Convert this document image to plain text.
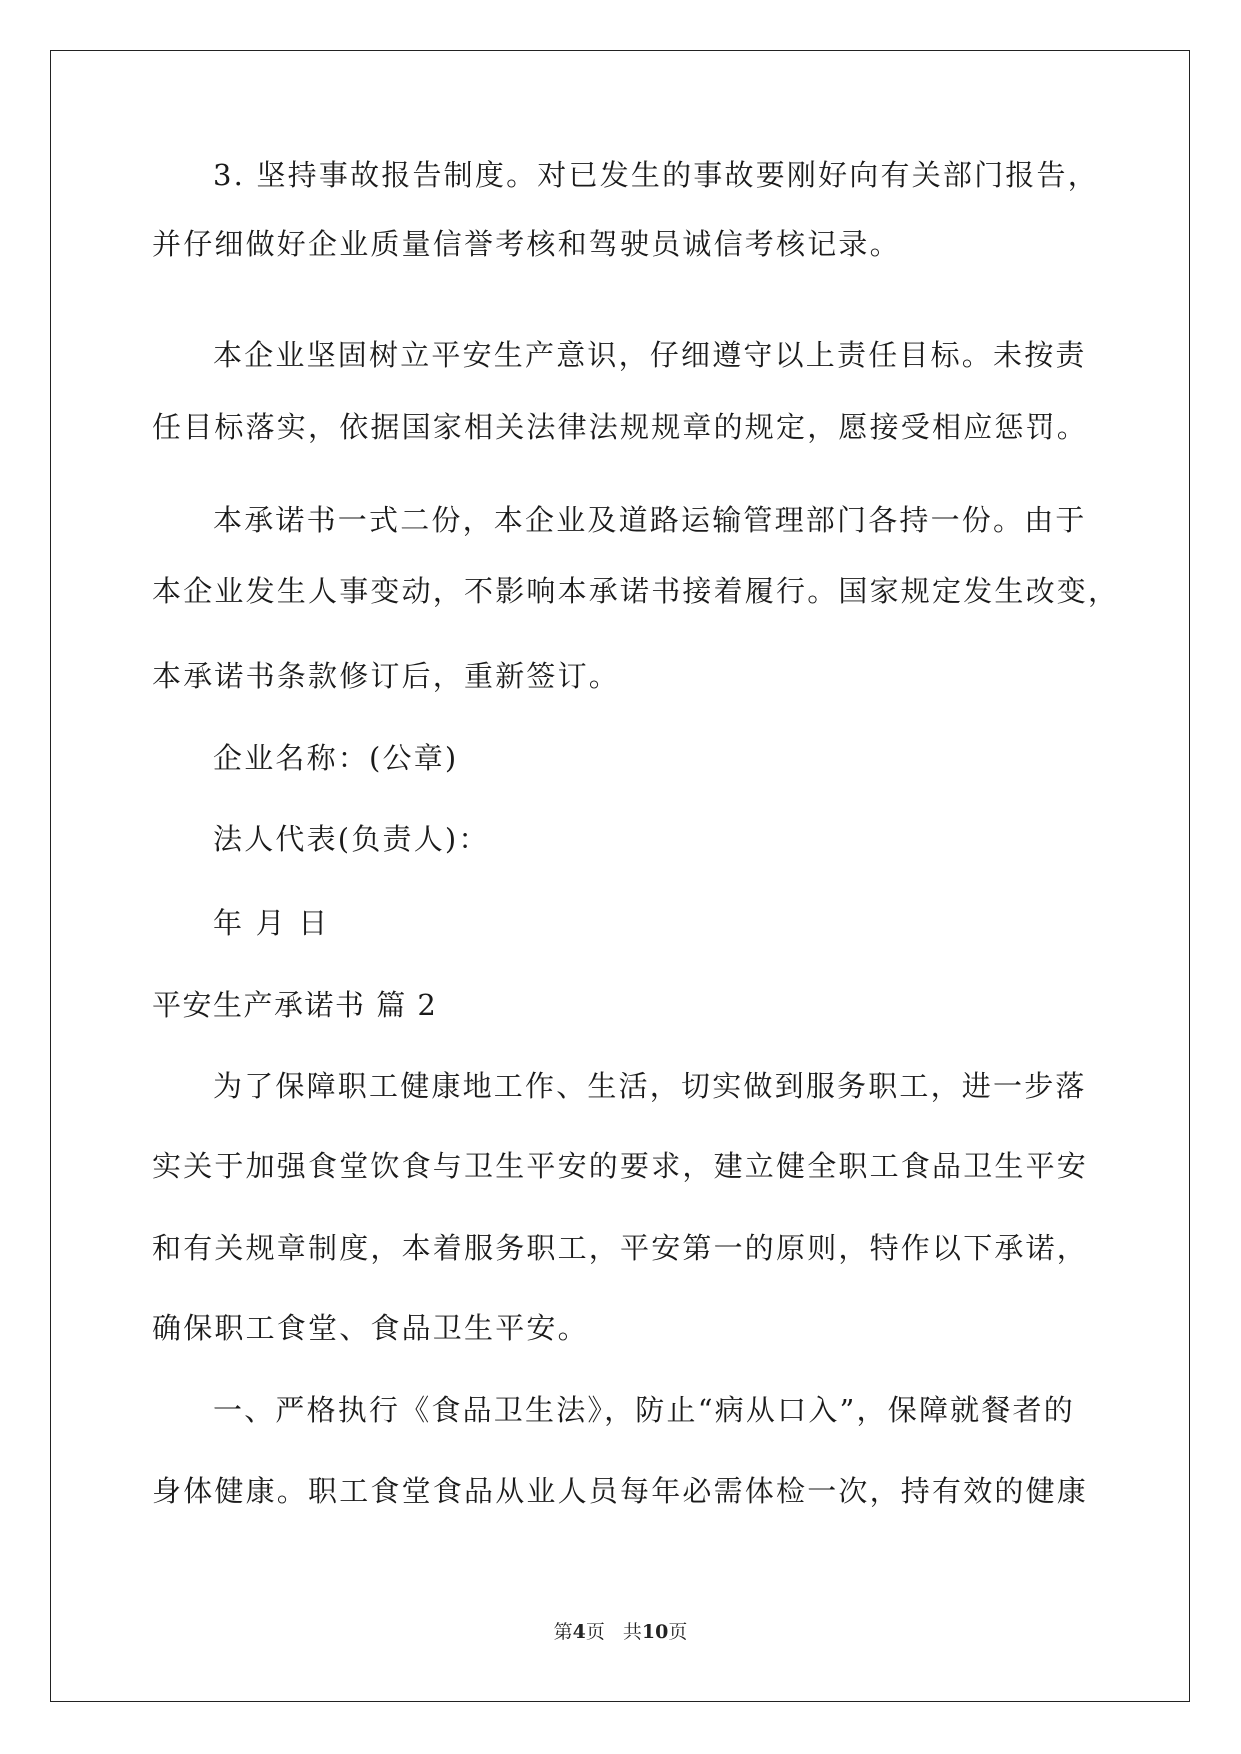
3. 坚持事故报告制度。对已发生的事故要刚好向有关部门报告，
并仔细做好企业质量信誉考核和驾驶员诚信考核记录。
本企业坚固树立平安生产意识，仔细遵守以上责任目标。未按责
任目标落实，依据国家相关法律法规规章的规定，愿接受相应惩罚。
本承诺书一式二份，本企业及道路运输管理部门各持一份。由于
本企业发生人事变动，不影响本承诺书接着履行。国家规定发生改变，
本承诺书条款修订后，重新签订。
企业名称：(公章)
法人代表(负责人)：
年 月 日
平安生产承诺书 篇 2
为了保障职工健康地工作、生活，切实做到服务职工，进一步落
实关于加强食堂饮食与卫生平安的要求，建立健全职工食品卫生平安
和有关规章制度，本着服务职工，平安第一的原则，特作以下承诺，
确保职工食堂、食品卫生平安。
一、严格执行《食品卫生法》，防止“病从口入”，保障就餐者的
身体健康。职工食堂食品从业人员每年必需体检一次，持有效的健康
第4页 共10页
